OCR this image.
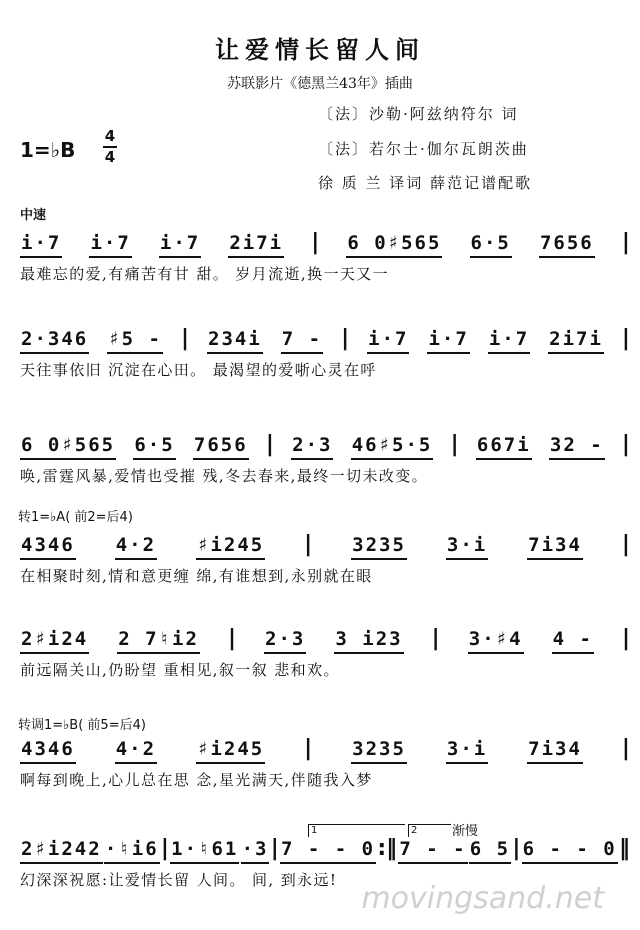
让爱情长留人间
苏联影片《德黑兰43年》插曲
〔法〕沙勒·阿兹纳符尔 词
〔法〕若尔士·伽尔瓦朗茨曲
徐 质 兰 译词 薛范记谱配歌
1=♭B
4
4
中速
转1=♭A( 前2=后4)
转调1=♭B( 前5=后4)
i·7 i·7 i·7 2i7i | 6 0♯565 6·5 7656 |
最难忘的爱,有痛苦有甘 甜。 岁月流逝,换一天又一
2·346 ♯5 - | 234i 7 - | i·7 i·7 i·7 2i7i |
天往事依旧 沉淀在心田。 最渴望的爱哳心灵在呼
6 0♯565 6·5 7656 | 2·3 46♯5·5 | 667i 32 - |
唤,雷霆风暴,爱情也受摧 残,冬去春来,最终一切未改变。
4346 4·2 ♯i245 | 3235 3·i 7i34 |
在相聚时刻,情和意更缠 绵,有谁想到,永别就在眼
2♯i24 2 7♮i2 | 2·3 3 i23 | 3·♯4 4 - |
前远隔关山,仍盼望 重相见,叙一叙 悲和欢。
4346 4·2 ♯i245 | 3235 3·i 7i34 |
啊每到晚上,心儿总在思 念,星光满天,伴随我入梦
2♯i242 ·♮i6 | 1·♮61 ·3 | 7 - - 0 :‖ 7 - - 6 5 | 6 - - 0 ‖
幻深深祝愿:让爱情长留 人间。 间, 到永远!
渐慢
1	2
movingsand.net
